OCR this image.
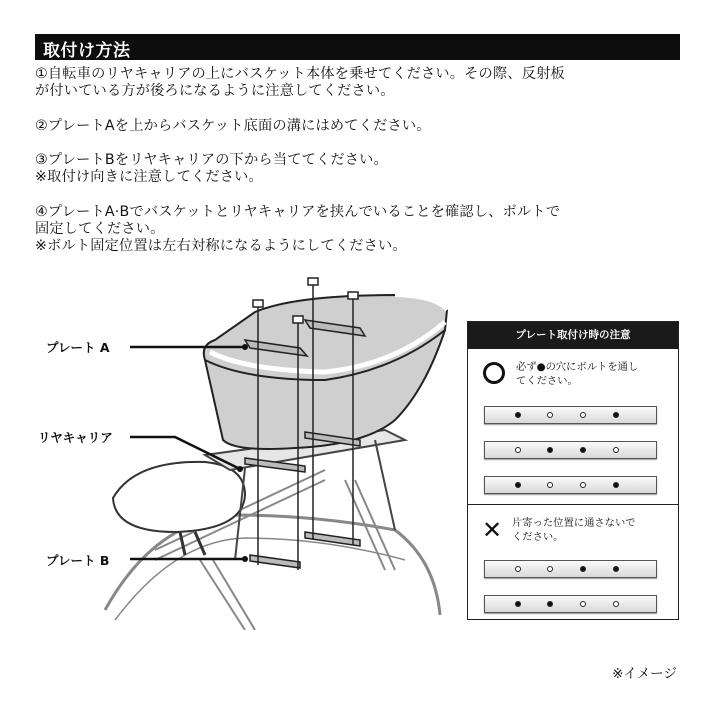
取付け方法

①自転車のリヤキャリアの上にバスケット本体を乗せてください。その際、反射板

が付いている方が後ろになるように注意してください。

②プレートAを上からバスケット底面の溝にはめてください。

③プレートBをリヤキャリアの下から当ててください。

※取付け向きに注意してください。

④プレートA·Bでバスケットとリヤキャリアを挟んでいることを確認し、ボルトで

固定してください。

※ボルト固定位置は左右対称になるようにしてください。

プレート A
リヤキャリア
プレート B
プレート取付け時の注意
必ず●の穴にボルトを通し
てください。
✕ 片寄った位置に通さないで
ください。
※イメージ
